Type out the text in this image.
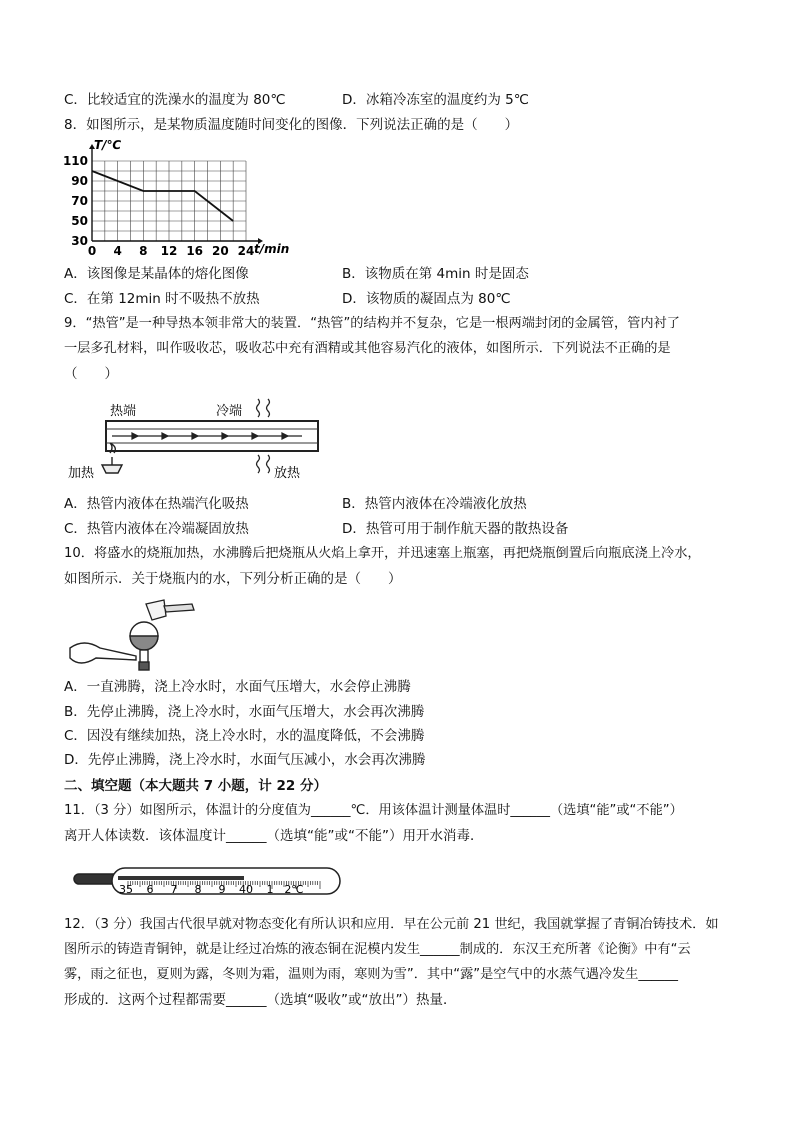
C．比较适宜的洗澡水的温度为 80℃	D．冰箱冷冻室的温度约为 5℃
8．如图所示，是某物质温度随时间变化的图像．下列说法正确的是（　　）
30
50
70
90
110
0 4 8 12 16 20 24
T/℃
t/min
A．该图像是某晶体的熔化图像	B．该物质在第 4min 时是固态
C．在第 12min 时不吸热不放热	D．该物质的凝固点为 80℃
9．“热管”是一种导热本领非常大的装置．“热管”的结构并不复杂，它是一根两端封闭的金属管，管内衬了
一层多孔材料，叫作吸收芯，吸收芯中充有酒精或其他容易汽化的液体，如图所示．下列说法不正确的是
（　　）
热端	冷端
加热	放热
A．热管内液体在热端汽化吸热	B．热管内液体在冷端液化放热
C．热管内液体在冷端凝固放热	D．热管可用于制作航天器的散热设备
10．将盛水的烧瓶加热，水沸腾后把烧瓶从火焰上拿开，并迅速塞上瓶塞，再把烧瓶倒置后向瓶底浇上冷水，
如图所示．关于烧瓶内的水，下列分析正确的是（　　）
A．一直沸腾，浇上冷水时，水面气压增大，水会停止沸腾
B．先停止沸腾，浇上冷水时，水面气压增大，水会再次沸腾
C．因没有继续加热，浇上冷水时，水的温度降低，不会沸腾
D．先停止沸腾，浇上冷水时，水面气压减小，水会再次沸腾
二、填空题（本大题共 7 小题，计 22 分）
11．（3 分）如图所示，体温计的分度值为______℃．用该体温计测量体温时______（选填“能”或“不能”）
离开人体读数．该体温度计______（选填“能”或“不能”）用开水消毒．
35 6 7 8 9 40 1 2℃
12．（3 分）我国古代很早就对物态变化有所认识和应用．早在公元前 21 世纪，我国就掌握了青铜冶铸技术．如
图所示的铸造青铜钟，就是让经过冶炼的液态铜在泥模内发生______制成的．东汉王充所著《论衡》中有“云
雾，雨之征也，夏则为露，冬则为霜，温则为雨，寒则为雪”．其中“露”是空气中的水蒸气遇冷发生______
形成的．这两个过程都需要______（选填“吸收”或“放出”）热量．
